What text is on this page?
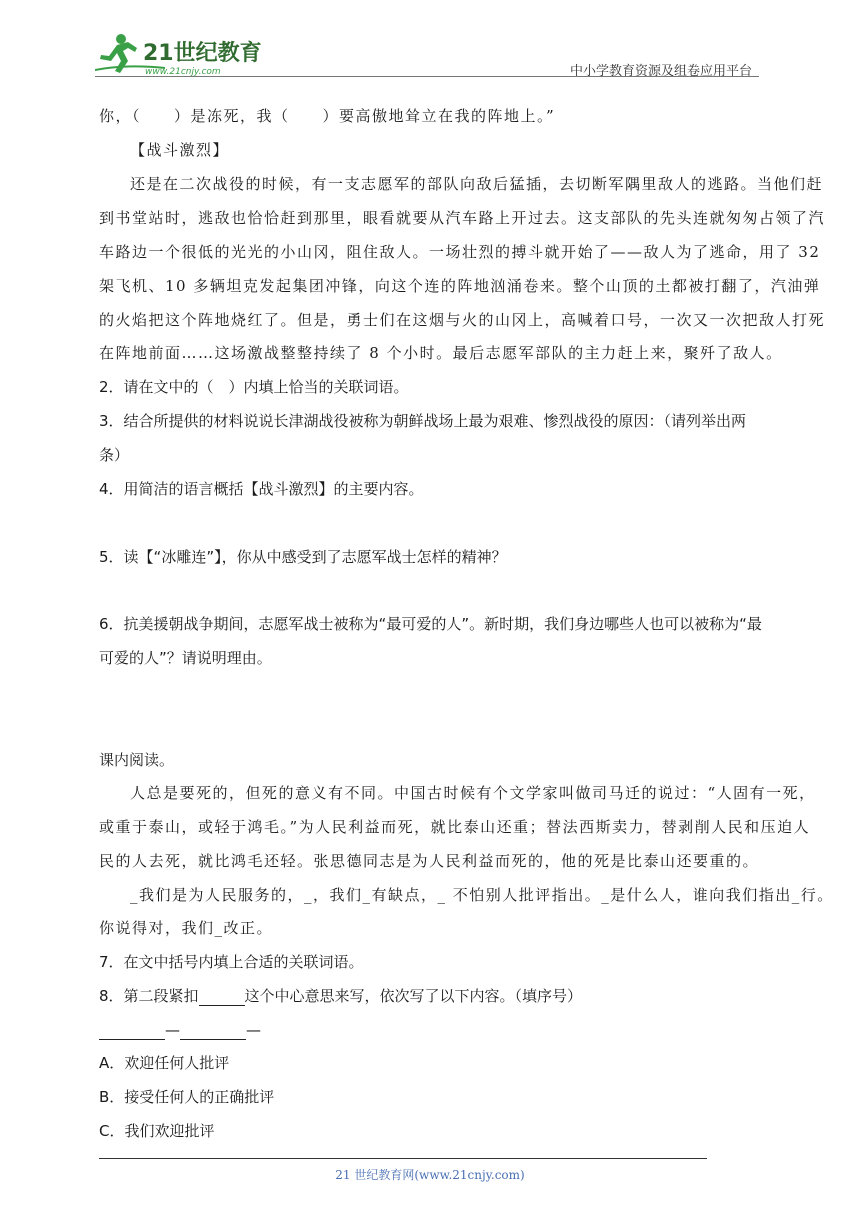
21世纪教育
www.21cnjy.com	中小学教育资源及组卷应用平台
你，（　　）是冻死，我（　　）要高傲地耸立在我的阵地上。”
【战斗激烈】
还是在二次战役的时候，有一支志愿军的部队向敌后猛插，去切断军隅里敌人的逃路。当他们赶
到书堂站时，逃敌也恰恰赶到那里，眼看就要从汽车路上开过去。这支部队的先头连就匆匆占领了汽
车路边一个很低的光光的小山冈，阻住敌人。一场壮烈的搏斗就开始了——敌人为了逃命，用了 32
架飞机、10 多辆坦克发起集团冲锋，向这个连的阵地汹涌卷来。整个山顶的土都被打翻了，汽油弹
的火焰把这个阵地烧红了。但是，勇士们在这烟与火的山冈上，高喊着口号，一次又一次把敌人打死
在阵地前面……这场激战整整持续了 8 个小时。最后志愿军部队的主力赶上来，聚歼了敌人。
2．请在文中的（　）内填上恰当的关联词语。
3．结合所提供的材料说说长津湖战役被称为朝鲜战场上最为艰难、惨烈战役的原因：（请列举出两
条）
4．用简洁的语言概括【战斗激烈】的主要内容。
5．读【“冰雕连”】，你从中感受到了志愿军战士怎样的精神？
6．抗美援朝战争期间，志愿军战士被称为“最可爱的人”。新时期，我们身边哪些人也可以被称为“最
可爱的人”？请说明理由。
课内阅读。
人总是要死的，但死的意义有不同。中国古时候有个文学家叫做司马迁的说过：“人固有一死，
或重于泰山，或轻于鸿毛。”为人民利益而死，就比泰山还重；替法西斯卖力，替剥削人民和压迫人
民的人去死，就比鸿毛还轻。张思德同志是为人民利益而死的，他的死是比泰山还要重的。
_我们是为人民服务的，_，我们_有缺点，_ 不怕别人批评指出。_是什么人，谁向我们指出_行。
你说得对，我们_改正。
7．在文中括号内填上合适的关联词语。
8．第二段紧扣	这个中心意思来写，依次写了以下内容。（填序号）
—	—
A．欢迎任何人批评
B．接受任何人的正确批评
C．我们欢迎批评
21 世纪教育网(www.21cnjy.com)
